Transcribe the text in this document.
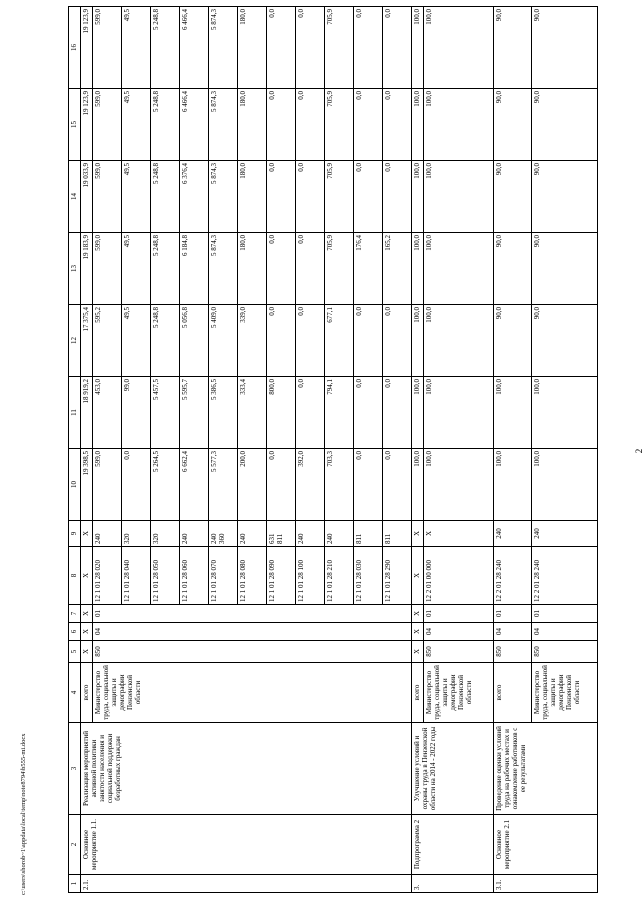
2
c:\users\shorob~1\appdata\local\temp\note8794\b555-mi.docx	1	2	3	4	5	6	7	8	9	10	11	12	13	14	15	16
2.1.	Основное мероприятие 1.1.	Реализация мероприятий активной политики занятости населения и социальной поддержки безработных граждан	всего	X	X	X	X	X	19 398,5	18 919,2	17 375,4	19 183,9	19 033,9	19 123,9	19 123,9
			Министерство труда, социальной защиты и демографии Пензенской области	850	04	01	12 1 01 28 020	240	599,0	453,0	595,2	599,0	599,0	599,0	599,0
							12 1 01 28 040	320	0,0	99,0	49,5	49,5	49,5	49,5	49,5
							12 1 01 28 050	320	5 264,5	5 457,5	5 248,8	5 248,8	5 248,8	5 248,8	5 248,8
							12 1 01 28 060	240	6 662,4	5 595,7	5 056,8	6 184,8	6 376,4	6 466,4	6 466,4
							12 1 01 28 070	240 360	5 577,3	5 386,5	5 409,0	5 874,3	5 874,3	5 874,3	5 874,3
							12 1 01 28 080	240	200,0	333,4	339,0	180,0	180,0	180,0	180,0
							12 1 01 28 090	631 811	0,0	800,0	0,0	0,0	0,0	0,0	0,0
							12 1 01 28 100	240	392,0	0,0	0,0	0,0	0,0	0,0	0,0
							12 1 01 28 210	240	703,3	794,1	677,1	705,9	705,9	705,9	705,9
							12 1 01 28 030	811	0,0	0,0	0,0	176,4	0,0	0,0	0,0
							12 1 01 28 290	811	0,0	0,0	0,0	165,2	0,0	0,0	0,0
3.	Подпрограмма 2	Улучшение условий и охраны труда в Пензенской области на 2014 - 2022 годы	всего	X	X	X	X	X	100,0	100,0	100,0	100,0	100,0	100,0	100,0
			Министерство труда, социальной защиты и демографии Пензенской области	850	04	01	12 2 01 00 000	X	100,0	100,0	100,0	100,0	100,0	100,0	100,0
3.1.	Основное мероприятие 2.1	Проведение оценки условий труда на рабочих местах и ознакомление работников с ее результатами	всего	850	04	01	12 2 01 28 240	240	100,0	100,0	90,0	90,0	90,0	90,0	90,0
			Министерство труда, социальной защиты и демографии Пензенской области	850	04	01	12 2 01 28 240	240	100,0	100,0	90,0	90,0	90,0	90,0	90,0
